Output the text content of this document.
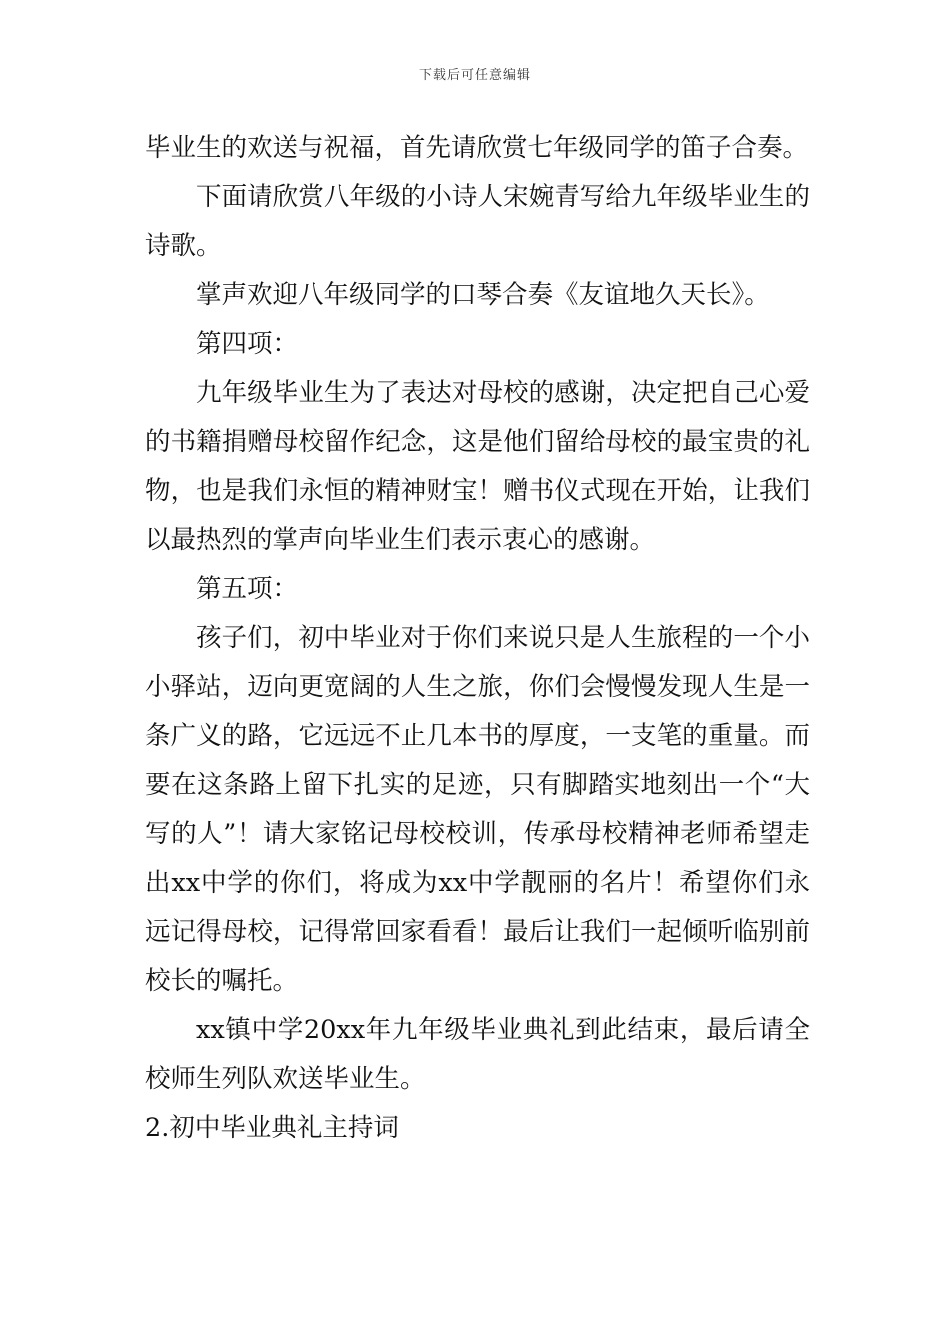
下载后可任意编辑

毕业生的欢送与祝福，首先请欣赏七年级同学的笛子合奏。

下面请欣赏八年级的小诗人宋婉青写给九年级毕业生的诗歌。

掌声欢迎八年级同学的口琴合奏《友谊地久天长》。

第四项：

九年级毕业生为了表达对母校的感谢，决定把自己心爱的书籍捐赠母校留作纪念，这是他们留给母校的最宝贵的礼物，也是我们永恒的精神财宝！赠书仪式现在开始，让我们以最热烈的掌声向毕业生们表示衷心的感谢。

第五项：

孩子们，初中毕业对于你们来说只是人生旅程的一个小小驿站，迈向更宽阔的人生之旅，你们会慢慢发现人生是一条广义的路，它远远不止几本书的厚度，一支笔的重量。而要在这条路上留下扎实的足迹，只有脚踏实地刻出一个“大写的人”！请大家铭记母校校训，传承母校精神老师希望走出xx中学的你们，将成为xx中学靓丽的名片！希望你们永远记得母校，记得常回家看看！最后让我们一起倾听临别前校长的嘱托。

xx镇中学20xx年九年级毕业典礼到此结束，最后请全校师生列队欢送毕业生。

2.初中毕业典礼主持词
